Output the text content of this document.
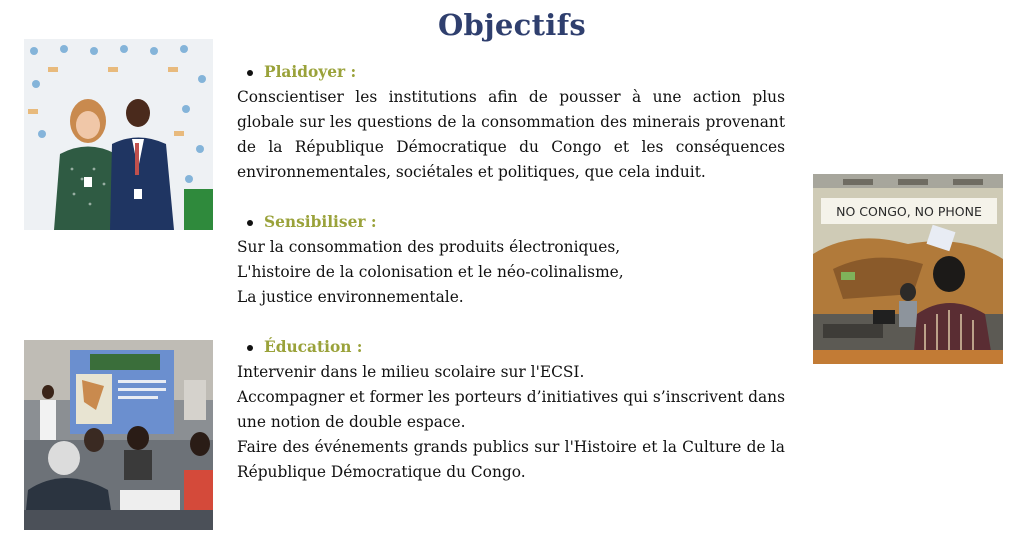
Objectifs
NO CONGO, NO PHONE
Plaidoyer :

Conscientiser les institutions afin de pousser à une action plus globale sur les questions de la consommation des minerais provenant de la République Démocratique du Congo et les conséquences environnementales, sociétales et politiques, que cela induit.

Sensibiliser :

Sur la consommation des produits électroniques,
L'histoire de la colonisation et le néo-colinalisme,
La justice environnementale.

Éducation :

Intervenir dans le milieu scolaire sur l'ECSI.
Accompagner et former les porteurs d’initiatives qui s’inscrivent dans une notion de double espace.
Faire des événements grands publics sur l'Histoire et la Culture de la République Démocratique du Congo.
